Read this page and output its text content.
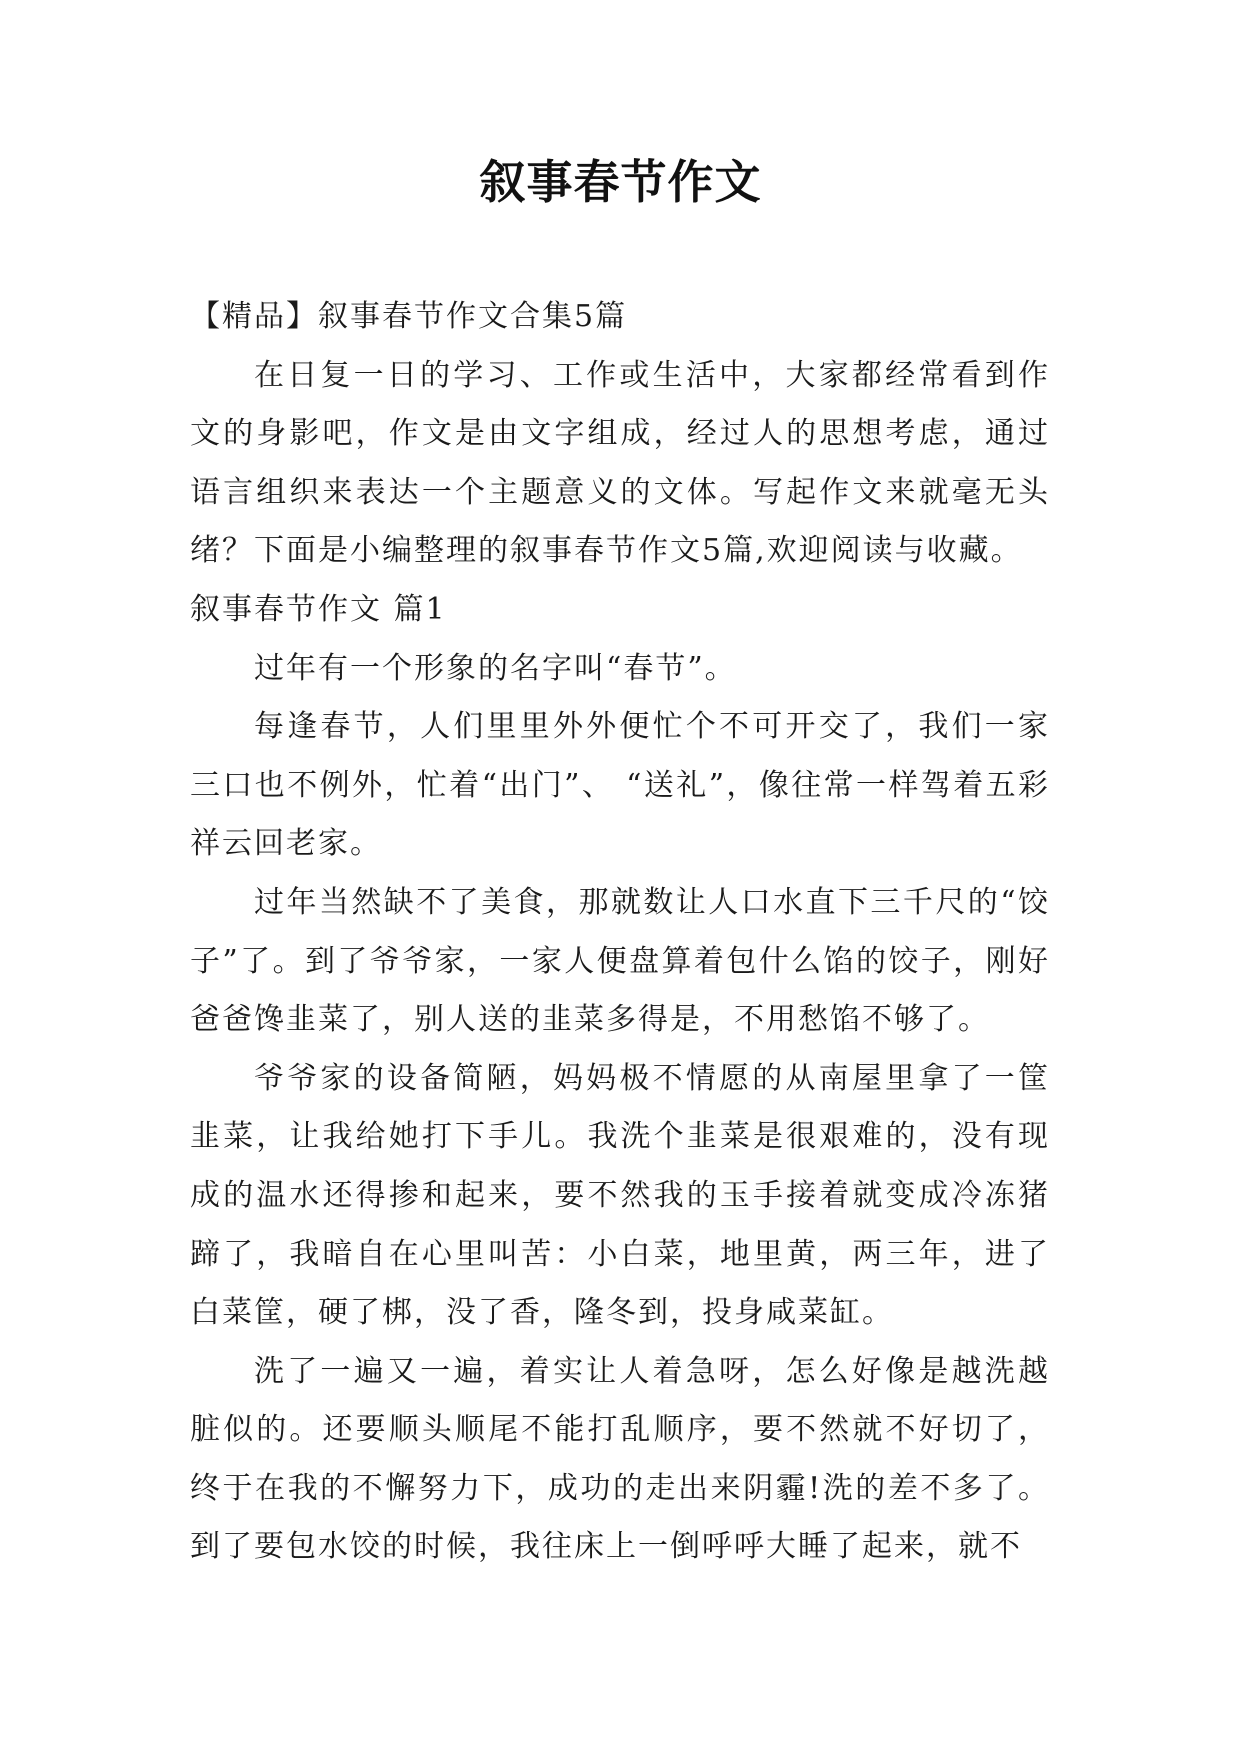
叙事春节作文

【精品】叙事春节作文合集5篇

在日复一日的学习、工作或生活中，大家都经常看到作文的身影吧，作文是由文字组成，经过人的思想考虑，通过语言组织来表达一个主题意义的文体。写起作文来就毫无头绪？下面是小编整理的叙事春节作文5篇,欢迎阅读与收藏。

叙事春节作文 篇1

过年有一个形象的名字叫“春节”。

每逢春节，人们里里外外便忙个不可开交了，我们一家三口也不例外，忙着“出门”、 “送礼”，像往常一样驾着五彩祥云回老家。

过年当然缺不了美食，那就数让人口水直下三千尺的“饺子”了。到了爷爷家，一家人便盘算着包什么馅的饺子，刚好爸爸馋韭菜了，别人送的韭菜多得是，不用愁馅不够了。

爷爷家的设备简陋，妈妈极不情愿的从南屋里拿了一筐韭菜，让我给她打下手儿。我洗个韭菜是很艰难的，没有现成的温水还得掺和起来，要不然我的玉手接着就变成冷冻猪蹄了，我暗自在心里叫苦：小白菜，地里黄，两三年，进了白菜筐，硬了梆，没了香，隆冬到，投身咸菜缸。

洗了一遍又一遍，着实让人着急呀，怎么好像是越洗越脏似的。还要顺头顺尾不能打乱顺序，要不然就不好切了，终于在我的不懈努力下，成功的走出来阴霾!洗的差不多了。到了要包水饺的时候，我往床上一倒呼呼大睡了起来，就不
